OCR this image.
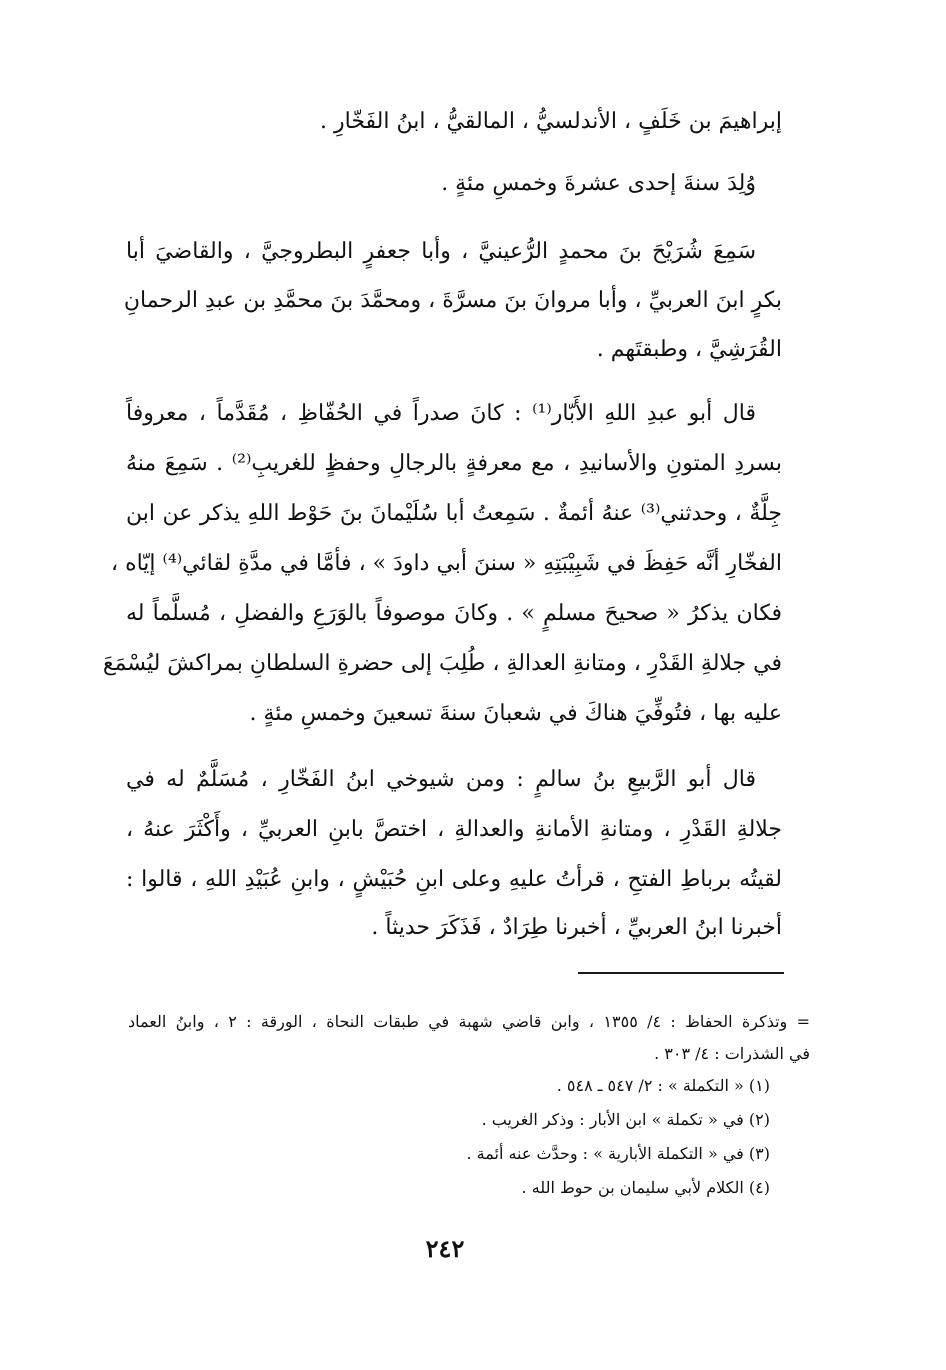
إبراهيمَ بن خَلَفٍ ، الأندلسيُّ ، المالقيُّ ، ابنُ الفَخّارِ .
وُلِدَ سنةَ إحدى عشرةَ وخمسِ مئةٍ .
سَمِعَ شُرَيْحَ بنَ محمدٍ الرُّعينيَّ ، وأبا جعفرٍ البطروجيَّ ، والقاضيَ أبا
بكرٍ ابنَ العربيِّ ، وأبا مروانَ بنَ مسرَّةَ ، ومحمَّدَ بنَ محمَّدِ بن عبدِ الرحمانِ
القُرَشِيَّ ، وطبقتَهم .
قال أبو عبدِ اللهِ الأَبّار⁽¹⁾ : كانَ صدراً في الحُفّاظِ ، مُقَدَّماً ، معروفاً
بسردِ المتونِ والأسانيدِ ، مع معرفةٍ بالرجالِ وحفظٍ للغريبِ⁽²⁾ . سَمِعَ منهُ
جِلَّةٌ ، وحدثني⁽³⁾ عنهُ أئمةٌ . سَمِعتُ أبا سُلَيْمانَ بنَ حَوْط اللهِ يذكر عن ابن
الفخّارِ أنَّه حَفِظَ في شَبِيْبَتِهِ « سننَ أبي داودَ » ، فأمَّا في مدَّةِ لقائي⁽⁴⁾ إيّاه ،
فكان يذكرُ « صحيحَ مسلمٍ » . وكانَ موصوفاً بالوَرَعِ والفضلِ ، مُسلَّماً له
في جلالةِ القَدْرِ ، ومتانةِ العدالةِ ، طُلِبَ إلى حضرةِ السلطانِ بمراكشَ ليُسْمَعَ
عليه بها ، فتُوفِّيَ هناكَ في شعبانَ سنةَ تسعينَ وخمسِ مئةٍ .
قال أبو الرَّبيعِ بنُ سالمٍ : ومن شيوخي ابنُ الفَخّارِ ، مُسَلَّمٌ له في
جلالةِ القَدْرِ ، ومتانةِ الأمانةِ والعدالةِ ، اختصَّ بابنِ العربيِّ ، وأَكْثَرَ عنهُ ،
لقيتُه برباطِ الفتحِ ، قرأتُ عليهِ وعلى ابنِ حُبَيْشٍ ، وابنِ عُبَيْدِ اللهِ ، قالوا :
أخبرنا ابنُ العربيِّ ، أخبرنا طِرَادٌ ، فَذَكَرَ حديثاً .
= وتذكرة الحفاظ : ٤/ ١٣٥٥ ، وابن قاضي شهبة في طبقات النحاة ، الورقة : ٢ ، وابنُ العماد
في الشذرات : ٤/ ٣٠٣ .
(١) « التكملة » : ٢/ ٥٤٧ ـ ٥٤٨ .
(٢) في « تكملة » ابن الأبار : وذكر الغريب .
(٣) في « التكملة الأبارية » : وحدَّث عنه أئمة .
(٤) الكلام لأبي سليمان بن حوط الله .
٢٤٢
